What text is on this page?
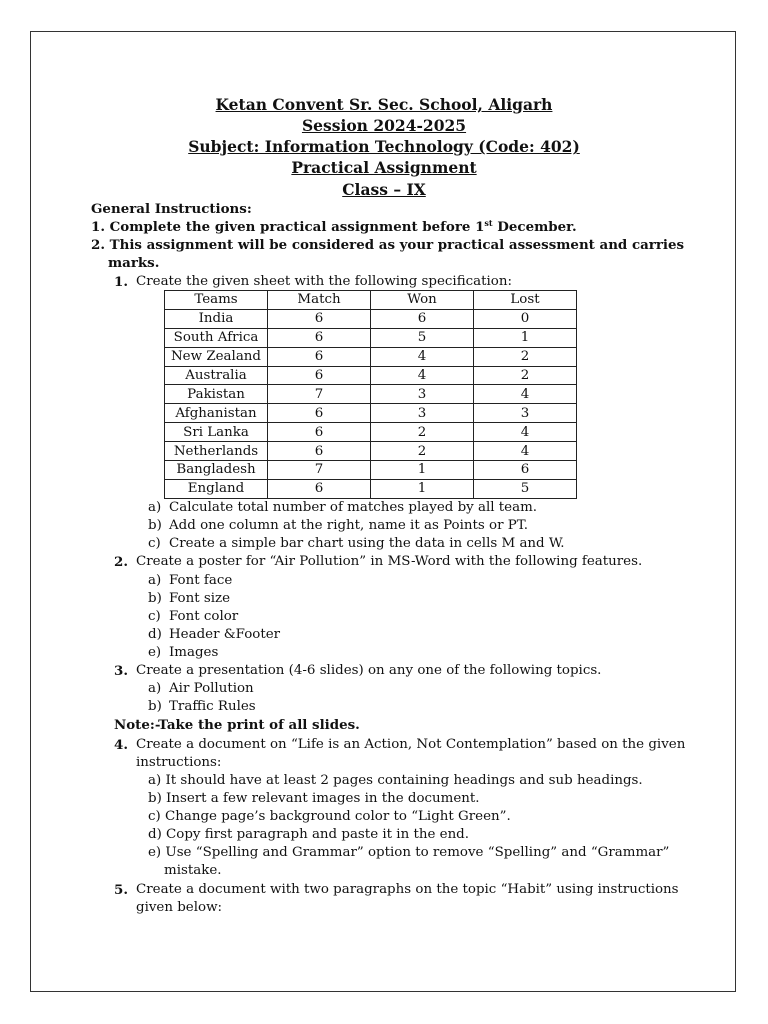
Ketan Convent Sr. Sec. School, Aligarh
Session 2024-2025
Subject: Information Technology (Code: 402)
Practical Assignment
Class – IX
General Instructions:
1. Complete the given practical assignment before 1st December.
2. This assignment will be considered as your practical assessment and carries
marks.
1. Create the given sheet with the following specification:
Teams	Match	Won	Lost
India	6	6	0
South Africa	6	5	1
New Zealand	6	4	2
Australia	6	4	2
Pakistan	7	3	4
Afghanistan	6	3	3
Sri Lanka	6	2	4
Netherlands	6	2	4
Bangladesh	7	1	6
England	6	1	5
a) Calculate total number of matches played by all team.
b) Add one column at the right, name it as Points or PT.
c) Create a simple bar chart using the data in cells M and W.
2. Create a poster for “Air Pollution” in MS-Word with the following features.
a) Font face
b) Font size
c) Font color
d) Header &Footer
e) Images
3. Create a presentation (4-6 slides) on any one of the following topics.
a) Air Pollution
b) Traffic Rules
Note:-Take the print of all slides.
4. Create a document on “Life is an Action, Not Contemplation” based on the given
instructions:
a) It should have at least 2 pages containing headings and sub headings.
b) Insert a few relevant images in the document.
c) Change page’s background color to “Light Green”.
d) Copy first paragraph and paste it in the end.
e) Use “Spelling and Grammar” option to remove “Spelling” and “Grammar”
mistake.
5. Create a document with two paragraphs on the topic “Habit” using instructions
given below:
